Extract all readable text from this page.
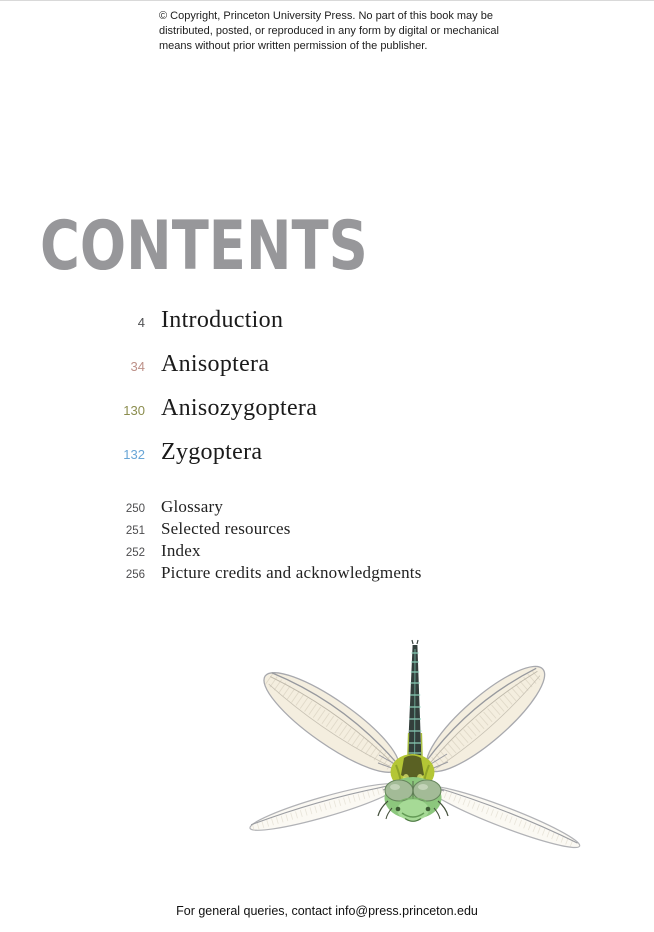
© Copyright, Princeton University Press. No part of this book may be
distributed, posted, or reproduced in any form by digital or mechanical
means without prior written permission of the publisher.
CONTENTS
4 Introduction
34 Anisoptera
130 Anisozygoptera
132 Zygoptera
250 Glossary
251 Selected resources
252 Index
256 Picture credits and acknowledgments
For general queries, contact info@press.princeton.edu
